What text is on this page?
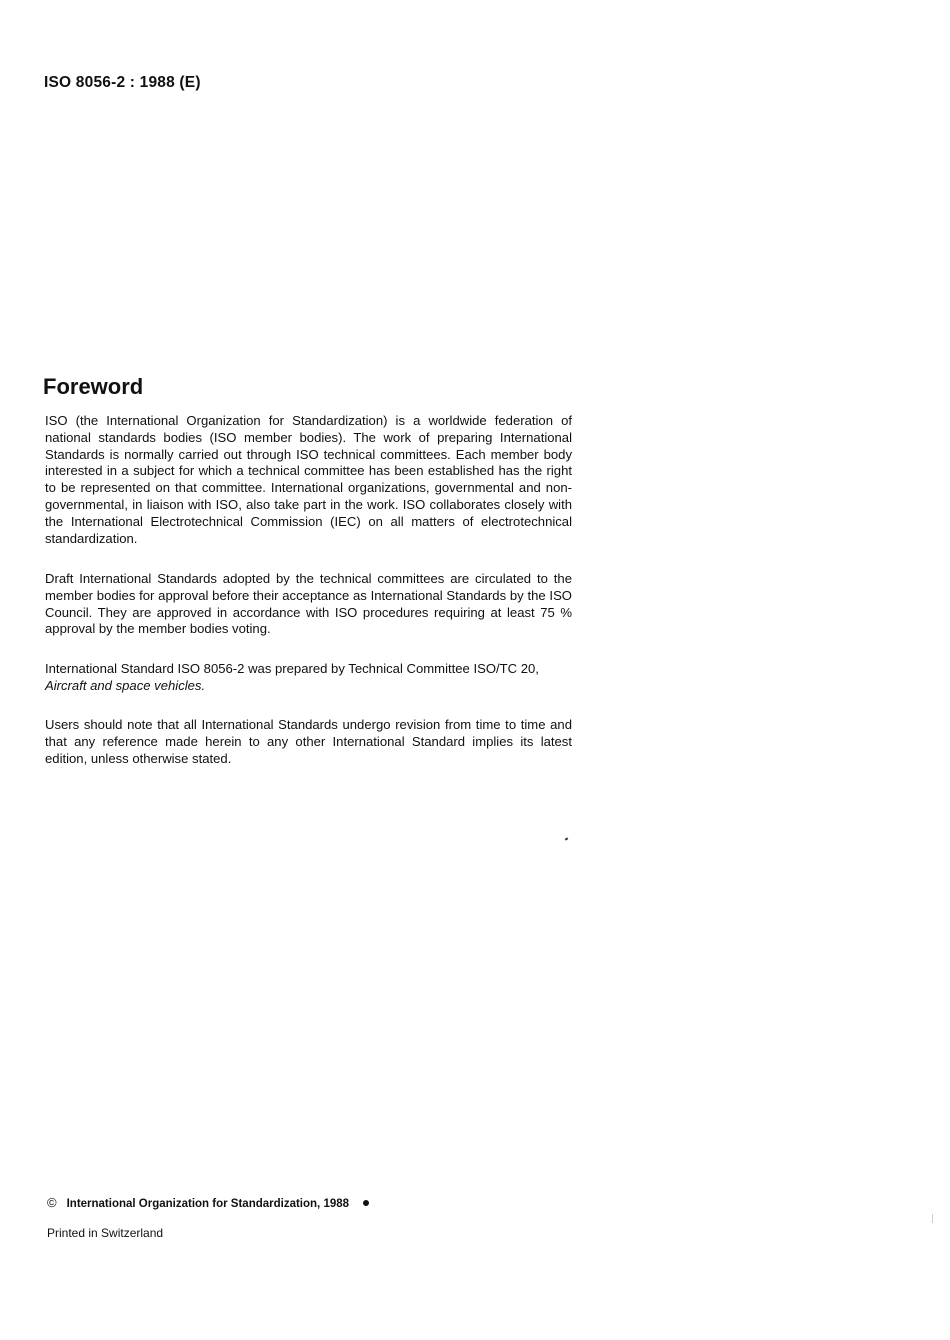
ISO 8056-2 : 1988 (E)
Foreword

ISO (the International Organization for Standardization) is a worldwide federation of national standards bodies (ISO member bodies). The work of preparing International Standards is normally carried out through ISO technical committees. Each member body interested in a subject for which a technical committee has been established has the right to be represented on that committee. International organizations, governmental and non-governmental, in liaison with ISO, also take part in the work. ISO collaborates closely with the International Electrotechnical Commission (IEC) on all matters of electrotechnical standardization.

Draft International Standards adopted by the technical committees are circulated to the member bodies for approval before their acceptance as International Standards by the ISO Council. They are approved in accordance with ISO procedures requiring at least 75 % approval by the member bodies voting.

International Standard ISO 8056-2 was prepared by Technical Committee ISO/TC 20,
Aircraft and space vehicles.

Users should note that all International Standards undergo revision from time to time and that any reference made herein to any other International Standard implies its latest edition, unless otherwise stated.

© International Organization for Standardization, 1988
Printed in Switzerland
